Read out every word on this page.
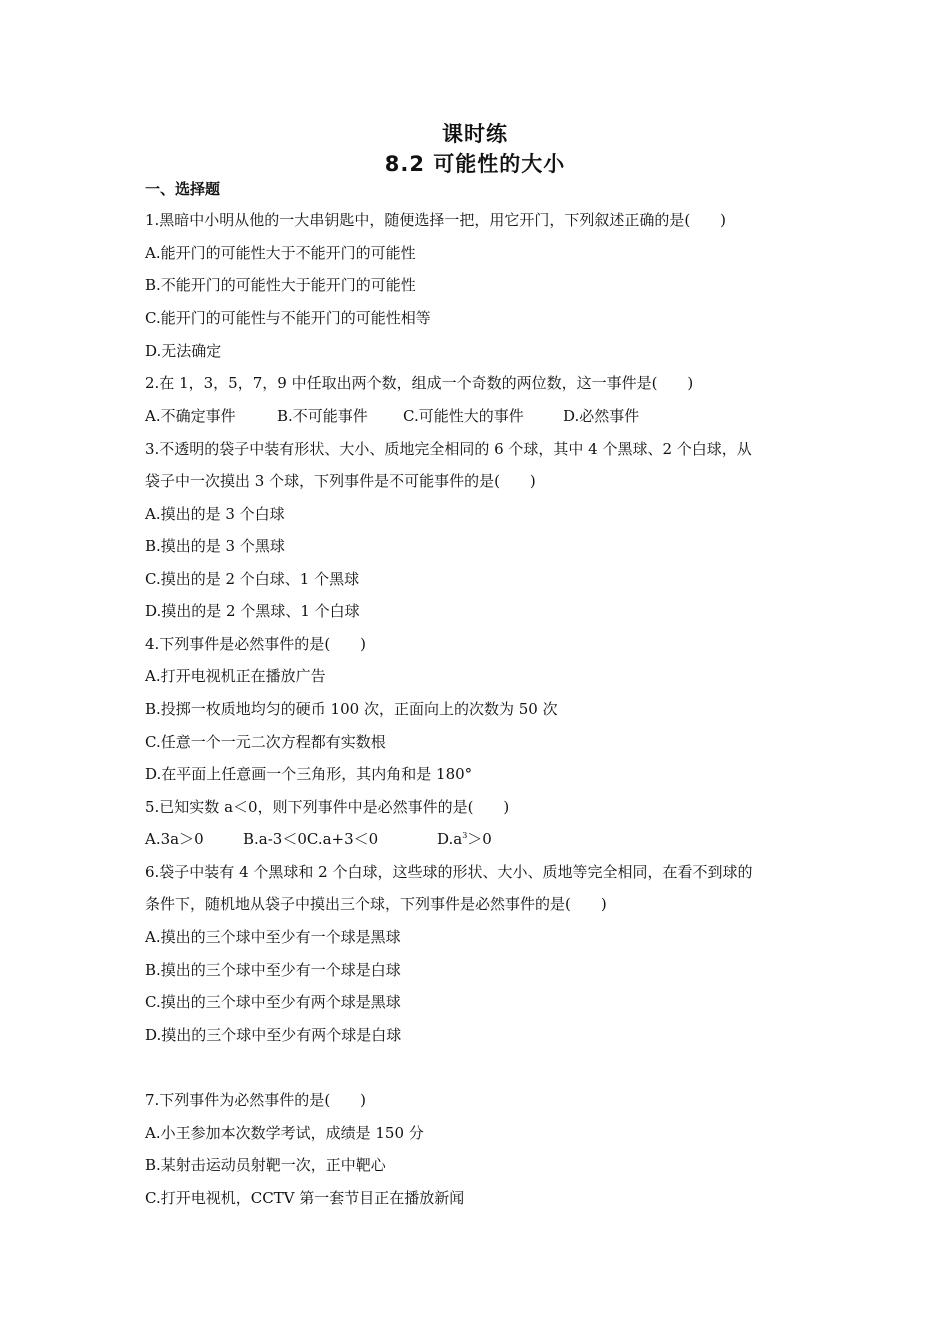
课时练
8.2 可能性的大小
一、选择题
1.黑暗中小明从他的一大串钥匙中，随便选择一把，用它开门，下列叙述正确的是(　　)
A.能开门的可能性大于不能开门的可能性
B.不能开门的可能性大于能开门的可能性
C.能开门的可能性与不能开门的可能性相等
D.无法确定
2.在 1，3，5，7，9 中任取出两个数，组成一个奇数的两位数，这一事件是(　　)
A.不确定事件	B.不可能事件 C.可能性大的事件	D.必然事件
3.不透明的袋子中装有形状、大小、质地完全相同的 6 个球，其中 4 个黑球、2 个白球，从
袋子中一次摸出 3 个球，下列事件是不可能事件的是(　　)
A.摸出的是 3 个白球
B.摸出的是 3 个黑球
C.摸出的是 2 个白球、1 个黑球
D.摸出的是 2 个黑球、1 个白球
4.下列事件是必然事件的是(　　)
A.打开电视机正在播放广告
B.投掷一枚质地均匀的硬币 100 次，正面向上的次数为 50 次
C.任意一个一元二次方程都有实数根
D.在平面上任意画一个三角形，其内角和是 180°
5.已知实数 a＜0，则下列事件中是必然事件的是(　　)
A.3a＞0	B.a-3＜0C.a+3＜0	$D.a^3>0$
6.袋子中装有 4 个黑球和 2 个白球，这些球的形状、大小、质地等完全相同，在看不到球的
条件下，随机地从袋子中摸出三个球，下列事件是必然事件的是(　　)
A.摸出的三个球中至少有一个球是黑球
B.摸出的三个球中至少有一个球是白球
C.摸出的三个球中至少有两个球是黑球
D.摸出的三个球中至少有两个球是白球
7.下列事件为必然事件的是(　　)
A.小王参加本次数学考试，成绩是 150 分
B.某射击运动员射靶一次，正中靶心
C.打开电视机，CCTV 第一套节目正在播放新闻
